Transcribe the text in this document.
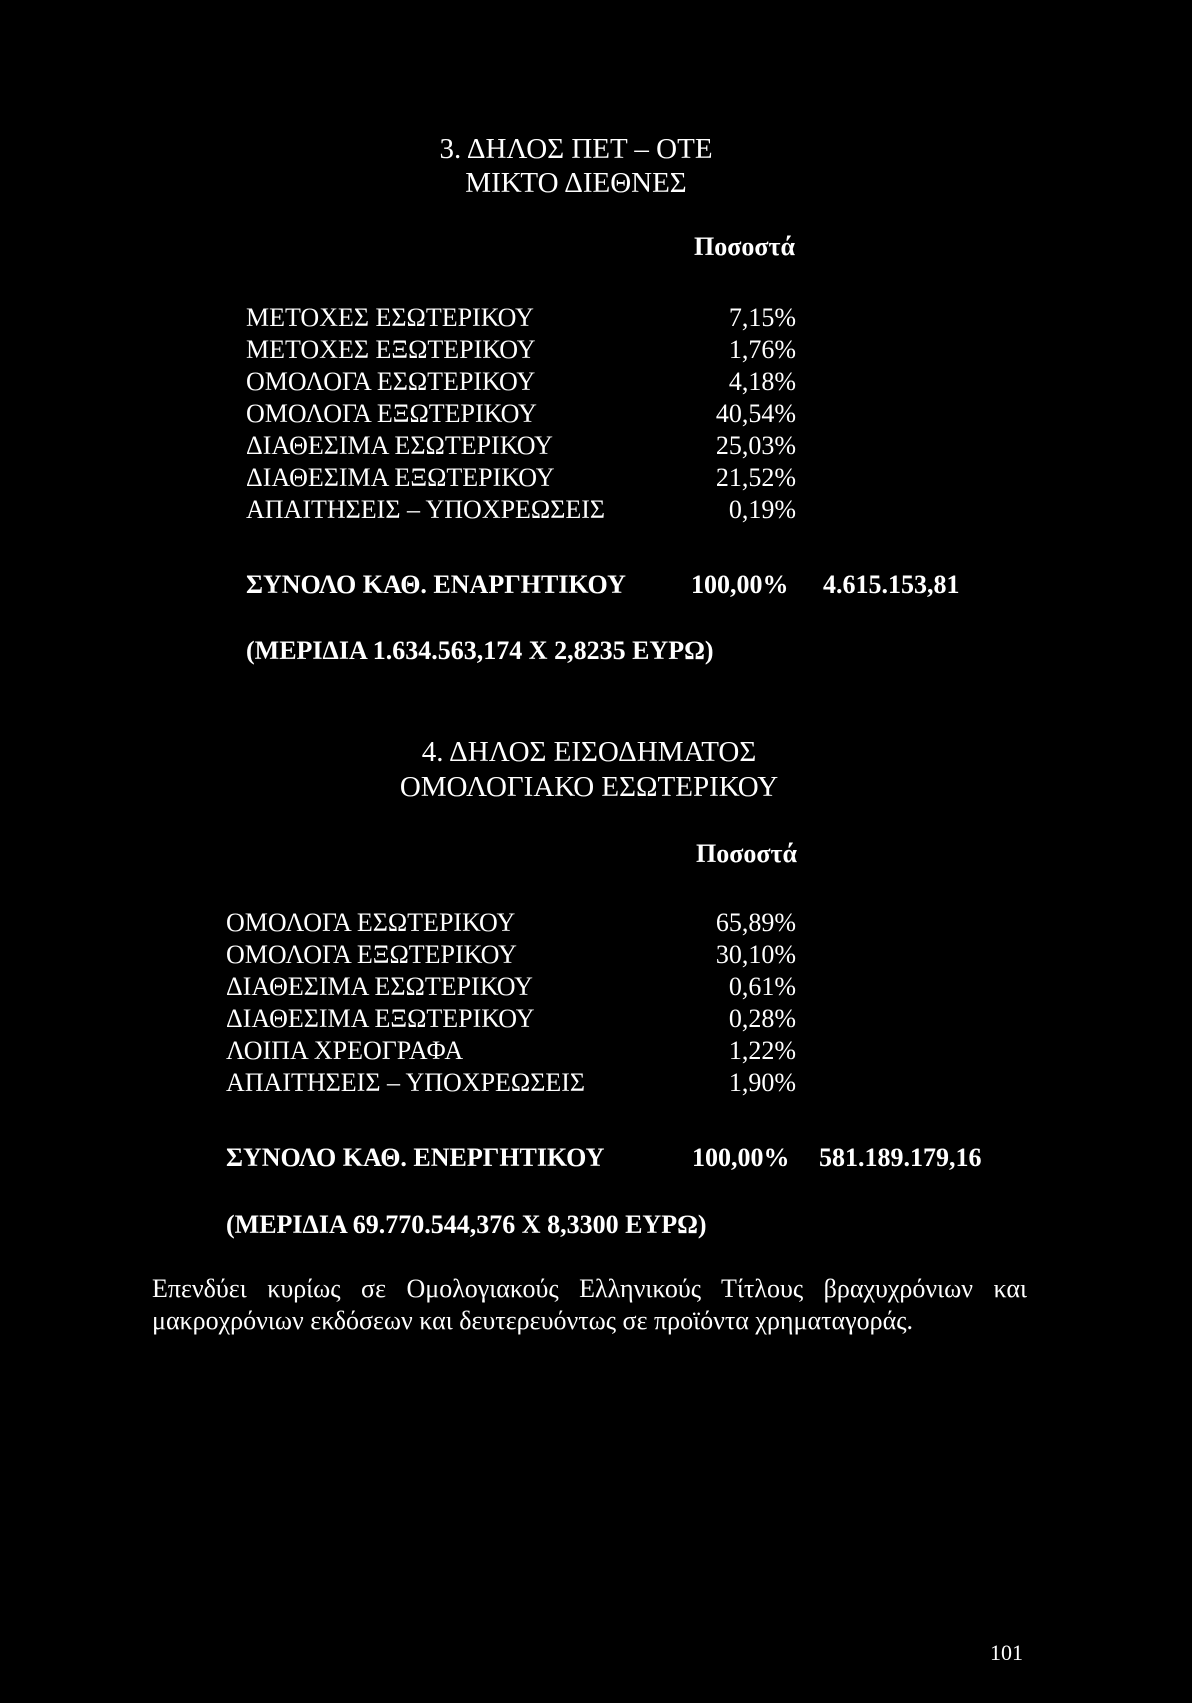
3. ΔΗΛΟΣ ΠΕΤ – ΟΤΕ
ΜΙΚΤΟ ΔΙΕΘΝΕΣ
Ποσοστά
ΜΕΤΟΧΕΣ ΕΣΩΤΕΡΙΚΟΥ	7,15%
ΜΕΤΟΧΕΣ ΕΞΩΤΕΡΙΚΟΥ	1,76%
ΟΜΟΛΟΓΑ ΕΣΩΤΕΡΙΚΟΥ	4,18%
ΟΜΟΛΟΓΑ ΕΞΩΤΕΡΙΚΟΥ	40,54%
ΔΙΑΘΕΣΙΜΑ ΕΣΩΤΕΡΙΚΟΥ	25,03%
ΔΙΑΘΕΣΙΜΑ ΕΞΩΤΕΡΙΚΟΥ	21,52%
ΑΠΑΙΤΗΣΕΙΣ – ΥΠΟΧΡΕΩΣΕΙΣ	0,19%
ΣΥΝΟΛΟ ΚΑΘ. ΕΝΑΡΓΗΤΙΚΟΥ	100,00% 4.615.153,81
(ΜΕΡΙΔΙΑ 1.634.563,174 Χ 2,8235 ΕΥΡΩ)
4. ΔΗΛΟΣ ΕΙΣΟΔΗΜΑΤΟΣ
ΟΜΟΛΟΓΙΑΚΟ ΕΣΩΤΕΡΙΚΟΥ
Ποσοστά
ΟΜΟΛΟΓΑ ΕΣΩΤΕΡΙΚΟΥ	65,89%
ΟΜΟΛΟΓΑ ΕΞΩΤΕΡΙΚΟΥ	30,10%
ΔΙΑΘΕΣΙΜΑ ΕΣΩΤΕΡΙΚΟΥ	0,61%
ΔΙΑΘΕΣΙΜΑ ΕΞΩΤΕΡΙΚΟΥ	0,28%
ΛΟΙΠΑ ΧΡΕΟΓΡΑΦΑ	1,22%
ΑΠΑΙΤΗΣΕΙΣ – ΥΠΟΧΡΕΩΣΕΙΣ	1,90%
ΣΥΝΟΛΟ ΚΑΘ. ΕΝΕΡΓΗΤΙΚΟΥ	100,00% 581.189.179,16
(ΜΕΡΙΔΙΑ 69.770.544,376 Χ 8,3300 ΕΥΡΩ)
Επενδύει κυρίως σε Ομολογιακούς Ελληνικούς Τίτλους βραχυχρόνιων και μακροχρόνιων εκδόσεων και δευτερευόντως σε προϊόντα χρηματαγοράς.
101
